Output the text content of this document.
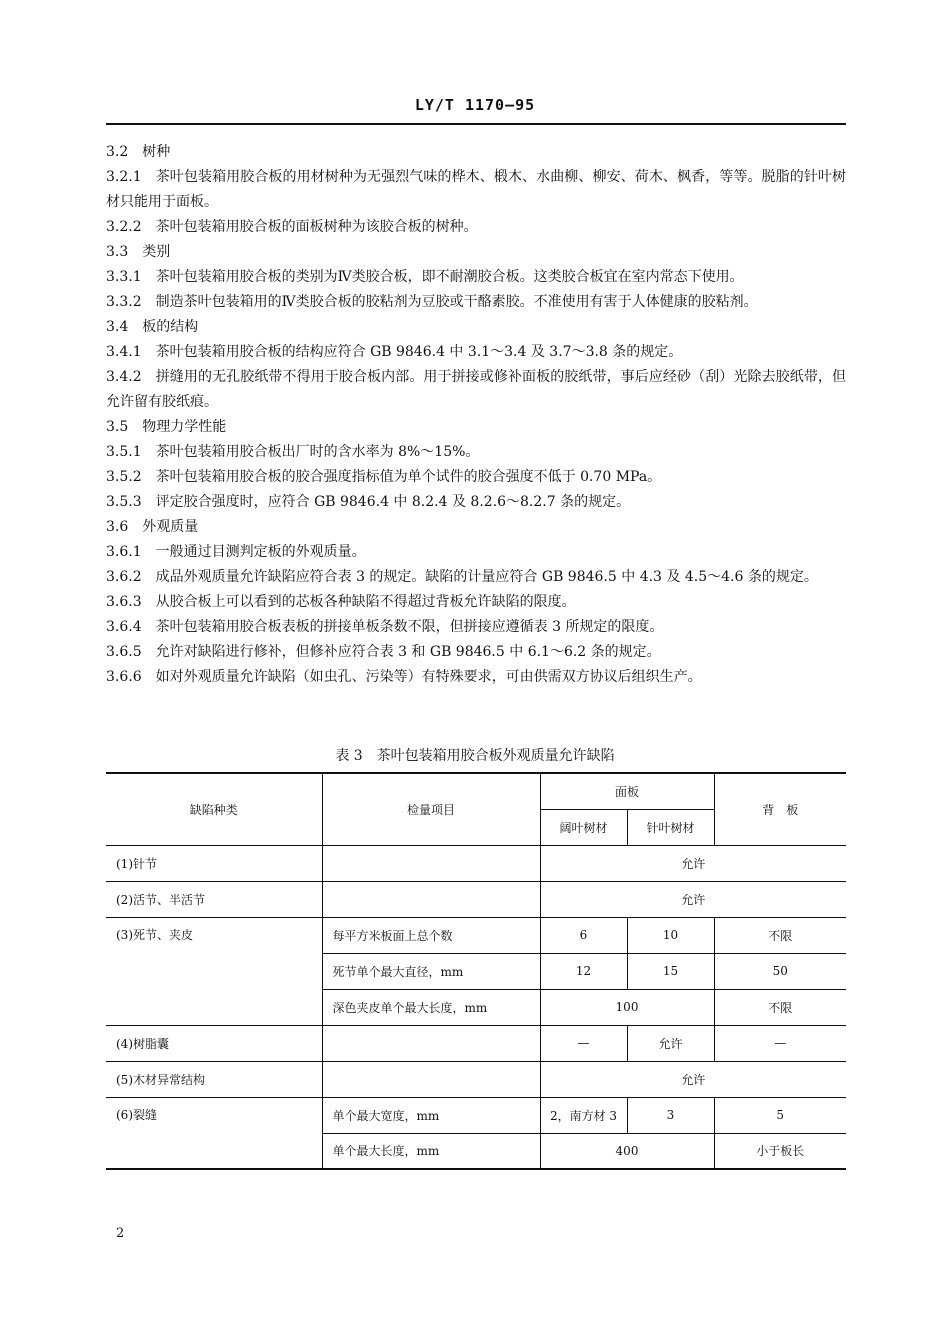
LY/T 1170—95

3.2 树种

3.2.1 茶叶包装箱用胶合板的用材树种为无强烈气味的桦木、椴木、水曲柳、柳安、荷木、枫香，等等。脱脂的针叶树材只能用于面板。

3.2.2 茶叶包装箱用胶合板的面板树种为该胶合板的树种。

3.3 类别

3.3.1 茶叶包装箱用胶合板的类别为Ⅳ类胶合板，即不耐潮胶合板。这类胶合板宜在室内常态下使用。

3.3.2 制造茶叶包装箱用的Ⅳ类胶合板的胶粘剂为豆胶或干酪素胶。不准使用有害于人体健康的胶粘剂。

3.4 板的结构

3.4.1 茶叶包装箱用胶合板的结构应符合 GB 9846.4 中 3.1～3.4 及 3.7～3.8 条的规定。

3.4.2 拼缝用的无孔胶纸带不得用于胶合板内部。用于拼接或修补面板的胶纸带，事后应经砂（刮）光除去胶纸带，但允许留有胶纸痕。

3.5 物理力学性能

3.5.1 茶叶包装箱用胶合板出厂时的含水率为 8%～15%。

3.5.2 茶叶包装箱用胶合板的胶合强度指标值为单个试件的胶合强度不低于 0.70 MPa。

3.5.3 评定胶合强度时，应符合 GB 9846.4 中 8.2.4 及 8.2.6～8.2.7 条的规定。

3.6 外观质量

3.6.1 一般通过目测判定板的外观质量。

3.6.2 成品外观质量允许缺陷应符合表 3 的规定。缺陷的计量应符合 GB 9846.5 中 4.3 及 4.5～4.6 条的规定。

3.6.3 从胶合板上可以看到的芯板各种缺陷不得超过背板允许缺陷的限度。

3.6.4 茶叶包装箱用胶合板表板的拼接单板条数不限，但拼接应遵循表 3 所规定的限度。

3.6.5 允许对缺陷进行修补，但修补应符合表 3 和 GB 9846.5 中 6.1～6.2 条的规定。

3.6.6 如对外观质量允许缺陷（如虫孔、污染等）有特殊要求，可由供需双方协议后组织生产。

表 3　茶叶包装箱用胶合板外观质量允许缺陷
缺陷种类	检量项目	面板		背　板
		阔叶树材	针叶树材	
(1)针节		允许		
(2)活节、半活节		允许		
(3)死节、夹皮	每平方米板面上总个数	6	10	不限
	死节单个最大直径，mm	12	15	50
	深色夹皮单个最大长度，mm	100		不限
(4)树脂囊		—	允许	—
(5)木材异常结构		允许		
(6)裂缝	单个最大宽度，mm	2，南方材 3	3	5
	单个最大长度，mm	400		小于板长
2
